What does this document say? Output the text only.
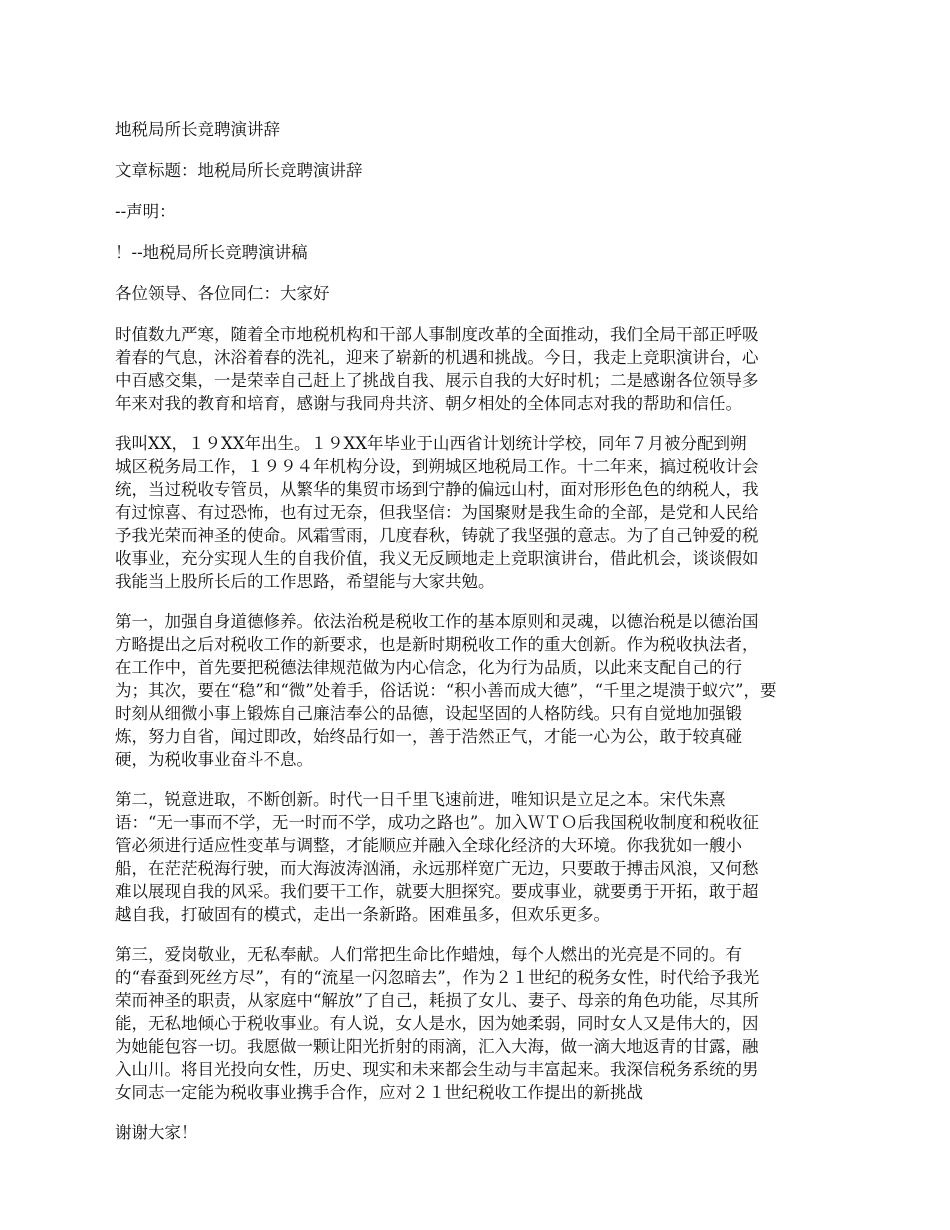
地税局所长竞聘演讲辞
文章标题：地税局所长竞聘演讲辞
--声明：
！--地税局所长竞聘演讲稿
各位领导、各位同仁：大家好
时值数九严寒，随着全市地税机构和干部人事制度改革的全面推动，我们全局干部正呼吸
着春的气息，沐浴着春的洗礼，迎来了崭新的机遇和挑战。今日，我走上竞职演讲台，心
中百感交集，一是荣幸自己赶上了挑战自我、展示自我的大好时机；二是感谢各位领导多
年来对我的教育和培育，感谢与我同舟共济、朝夕相处的全体同志对我的帮助和信任。
我叫XX，１９XX年出生。１９XX年毕业于山西省计划统计学校，同年７月被分配到朔
城区税务局工作，１９９４年机构分设，到朔城区地税局工作。十二年来，搞过税收计会
统，当过税收专管员，从繁华的集贸市场到宁静的偏远山村，面对形形色色的纳税人，我
有过惊喜、有过恐怖，也有过无奈，但我坚信：为国聚财是我生命的全部，是党和人民给
予我光荣而神圣的使命。风霜雪雨，几度春秋，铸就了我坚强的意志。为了自己钟爱的税
收事业，充分实现人生的自我价值，我义无反顾地走上竞职演讲台，借此机会，谈谈假如
我能当上股所长后的工作思路，希望能与大家共勉。
第一，加强自身道德修养。依法治税是税收工作的基本原则和灵魂，以德治税是以德治国
方略提出之后对税收工作的新要求，也是新时期税收工作的重大创新。作为税收执法者，
在工作中，首先要把税德法律规范做为内心信念，化为行为品质，以此来支配自己的行
为；其次，要在“稳”和“微”处着手，俗话说：“积小善而成大德”，“千里之堤溃于蚁穴”，要
时刻从细微小事上锻炼自己廉洁奉公的品德，设起坚固的人格防线。只有自觉地加强锻
炼，努力自省，闻过即改，始终品行如一，善于浩然正气，才能一心为公，敢于较真碰
硬，为税收事业奋斗不息。
第二，锐意进取，不断创新。时代一日千里飞速前进，唯知识是立足之本。宋代朱熹
语：“无一事而不学，无一时而不学，成功之路也”。加入ＷＴＯ后我国税收制度和税收征
管必须进行适应性变革与调整，才能顺应并融入全球化经济的大环境。你我犹如一艘小
船，在茫茫税海行驶，而大海波涛汹涌，永远那样宽广无边，只要敢于搏击风浪，又何愁
难以展现自我的风采。我们要干工作，就要大胆探究。要成事业，就要勇于开拓，敢于超
越自我，打破固有的模式，走出一条新路。困难虽多，但欢乐更多。
第三，爱岗敬业，无私奉献。人们常把生命比作蜡烛，每个人燃出的光亮是不同的。有
的“春蚕到死丝方尽”，有的“流星一闪忽暗去”，作为２１世纪的税务女性，时代给予我光
荣而神圣的职责，从家庭中“解放”了自己，耗损了女儿、妻子、母亲的角色功能，尽其所
能，无私地倾心于税收事业。有人说，女人是水，因为她柔弱，同时女人又是伟大的，因
为她能包容一切。我愿做一颗让阳光折射的雨滴，汇入大海，做一滴大地返青的甘露，融
入山川。将目光投向女性，历史、现实和未来都会生动与丰富起来。我深信税务系统的男
女同志一定能为税收事业携手合作，应对２１世纪税收工作提出的新挑战
谢谢大家！
